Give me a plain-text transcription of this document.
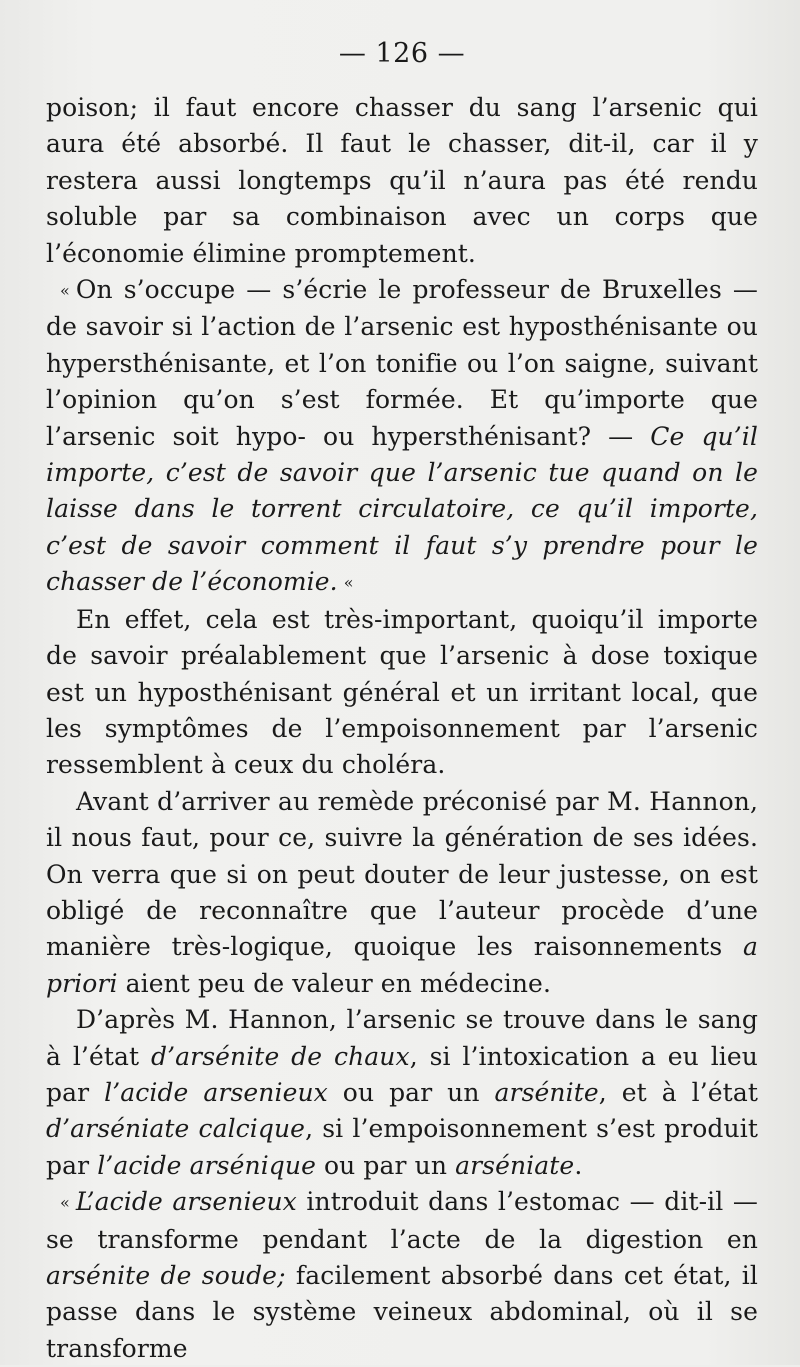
— 126 —

poison; il faut encore chasser du sang l’arsenic qui aura été absorbé. Il faut le chasser, dit-il, car il y restera aussi longtemps qu’il n’aura pas été rendu soluble par sa combinaison avec un corps que l’économie élimine promptement.

« On s’occupe — s’écrie le professeur de Bruxelles — de savoir si l’action de l’arsenic est hyposthénisante ou hypersthénisante, et l’on tonifie ou l’on saigne, suivant l’opinion qu’on s’est formée. Et qu’importe que l’arsenic soit hypo- ou hypersthénisant? — Ce qu’il importe, c’est de savoir que l’arsenic tue quand on le laisse dans le torrent circulatoire, ce qu’il importe, c’est de savoir comment il faut s’y prendre pour le chasser de l’économie. «

En effet, cela est très-important, quoiqu’il importe de savoir préalablement que l’arsenic à dose toxique est un hyposthénisant général et un irritant local, que les symptômes de l’empoisonnement par l’arsenic ressemblent à ceux du choléra.

Avant d’arriver au remède préconisé par M. Hannon, il nous faut, pour ce, suivre la génération de ses idées. On verra que si on peut douter de leur justesse, on est obligé de reconnaître que l’auteur procède d’une manière très-logique, quoique les raisonnements a priori aient peu de valeur en médecine.

D’après M. Hannon, l’arsenic se trouve dans le sang à l’état d’arsénite de chaux, si l’intoxication a eu lieu par l’acide arsenieux ou par un arsénite, et à l’état d’arséniate calcique, si l’empoisonnement s’est produit par l’acide arsénique ou par un arséniate.

« L’acide arsenieux introduit dans l’estomac — dit-il — se transforme pendant l’acte de la digestion en arsénite de soude; facilement absorbé dans cet état, il passe dans le système veineux abdominal, où il se transforme
